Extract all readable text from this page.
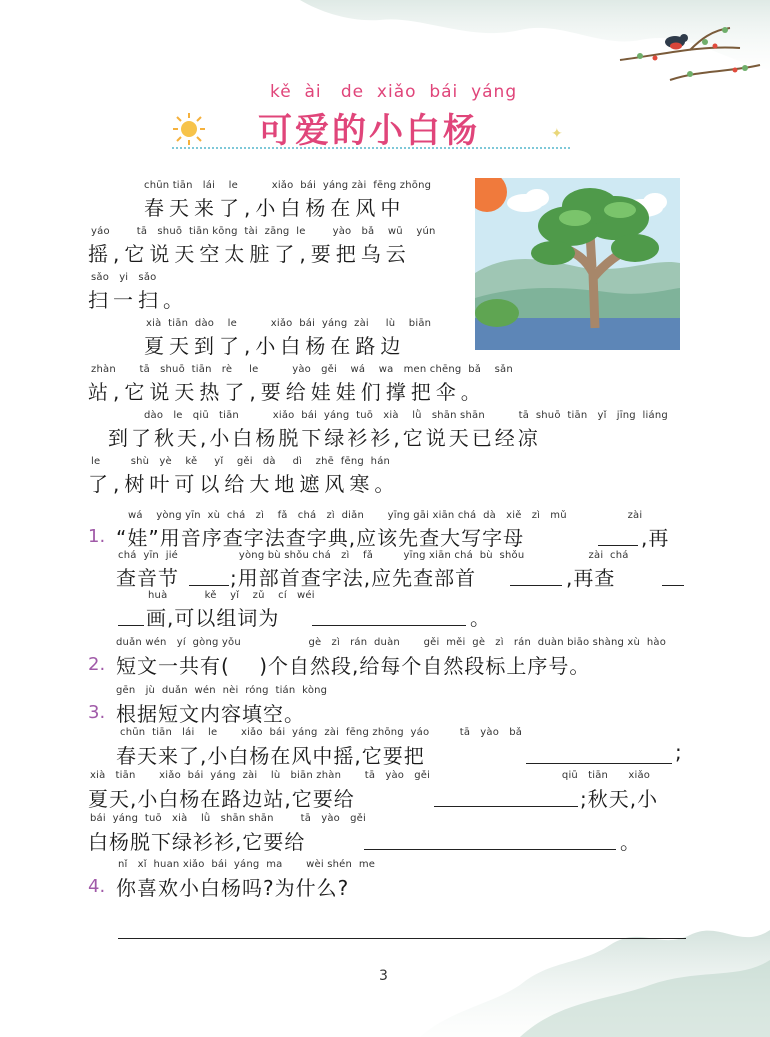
kě  ài   de  xiǎo  bái  yáng
可爱的小白杨	✦
chūn tiān   lái    le          xiǎo  bái  yáng zài  fēng zhōng
春天来了,小白杨在风中
yáo        tā   shuō  tiān kōng  tài  zāng  le        yào   bǎ    wū    yún
摇,它说天空太脏了,要把乌云
sǎo   yi   sǎo
扫一扫。
xià  tiān  dào    le          xiǎo  bái  yáng  zài     lù    biān
夏天到了,小白杨在路边
zhàn       tā   shuō  tiān   rè     le          yào   gěi    wá    wa   men chēng  bǎ    sǎn
站,它说天热了,要给娃娃们撑把伞。
dào   le   qiū   tiān          xiǎo  bái  yáng  tuō   xià    lǜ   shān shān          tā  shuō  tiān   yǐ   jīng  liáng
到了秋天,小白杨脱下绿衫衫,它说天已经凉
le         shù   yè    kě     yǐ    gěi   dà     dì    zhē  fēng  hán
了,树叶可以给大地遮风寒。
1.
wá    yòng yīn  xù  chá   zì    fǎ   chá   zì  diǎn       yīng gāi xiān chá  dà   xiě   zì   mǔ                  zài
“娃”用音序查字法查字典,应该先查大写字母	,再
chá  yīn  jié                  yòng bù shǒu chá   zì    fǎ         yīng xiān chá  bù  shǒu                   zài  chá
查音节	;用部首查字法,应先查部首	,再查
huà           kě    yǐ    zǔ    cí   wéi
画,可以组词为	。
2.
duǎn wén   yí  gòng yǒu                    gè   zì   rán  duàn       gěi  měi  gè   zì   rán  duàn biāo shàng xù  hào
短文一共有(    )个自然段,给每个自然段标上序号。
3.
gēn   jù  duǎn  wén  nèi  róng  tián  kòng
根据短文内容填空。
chūn  tiān   lái    le       xiǎo  bái  yáng  zài  fēng zhōng  yáo         tā   yào   bǎ
春天来了,小白杨在风中摇,它要把	;
xià   tiān       xiǎo  bái  yáng  zài    lù   biān zhàn       tā   yào   gěi                                       qiū   tiān      xiǎo
夏天,小白杨在路边站,它要给	;秋天,小
bái  yáng  tuō   xià    lǜ   shān shān        tā   yào   gěi
白杨脱下绿衫衫,它要给	。
4.
nǐ   xǐ  huan xiǎo  bái  yáng  ma       wèi shén  me
你喜欢小白杨吗?为什么?
3
